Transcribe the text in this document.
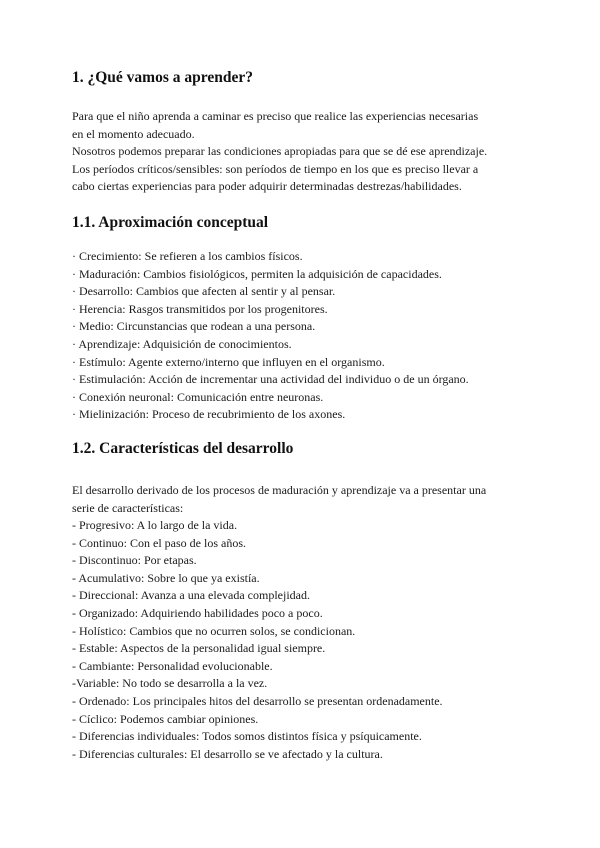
1. ¿Qué vamos a aprender?

Para que el niño aprenda a caminar es preciso que realice las experiencias necesarias

en el momento adecuado.

Nosotros podemos preparar las condiciones apropiadas para que se dé ese aprendizaje.

Los períodos críticos/sensibles: son períodos de tiempo en los que es preciso llevar a

cabo ciertas experiencias para poder adquirir determinadas destrezas/habilidades.

1.1. Aproximación conceptual
· Crecimiento: Se refieren a los cambios físicos.
· Maduración: Cambios fisiológicos, permiten la adquisición de capacidades.
· Desarrollo: Cambios que afecten al sentir y al pensar.
· Herencia: Rasgos transmitidos por los progenitores.
· Medio: Circunstancias que rodean a una persona.
· Aprendizaje: Adquisición de conocimientos.
· Estímulo: Agente externo/interno que influyen en el organismo.
· Estimulación: Acción de incrementar una actividad del individuo o de un órgano.
· Conexión neuronal: Comunicación entre neuronas.
· Mielinización: Proceso de recubrimiento de los axones.
1.2. Características del desarrollo

El desarrollo derivado de los procesos de maduración y aprendizaje va a presentar una

serie de características:

- Progresivo: A lo largo de la vida.
- Continuo: Con el paso de los años.
- Discontinuo: Por etapas.
- Acumulativo: Sobre lo que ya existía.
- Direccional: Avanza a una elevada complejidad.
- Organizado: Adquiriendo habilidades poco a poco.
- Holístico: Cambios que no ocurren solos, se condicionan.
- Estable: Aspectos de la personalidad igual siempre.
- Cambiante: Personalidad evolucionable.
-Variable: No todo se desarrolla a la vez.
- Ordenado: Los principales hitos del desarrollo se presentan ordenadamente.
- Cíclico: Podemos cambiar opiniones.
- Diferencias individuales: Todos somos distintos física y psíquicamente.
- Diferencias culturales: El desarrollo se ve afectado y la cultura.
